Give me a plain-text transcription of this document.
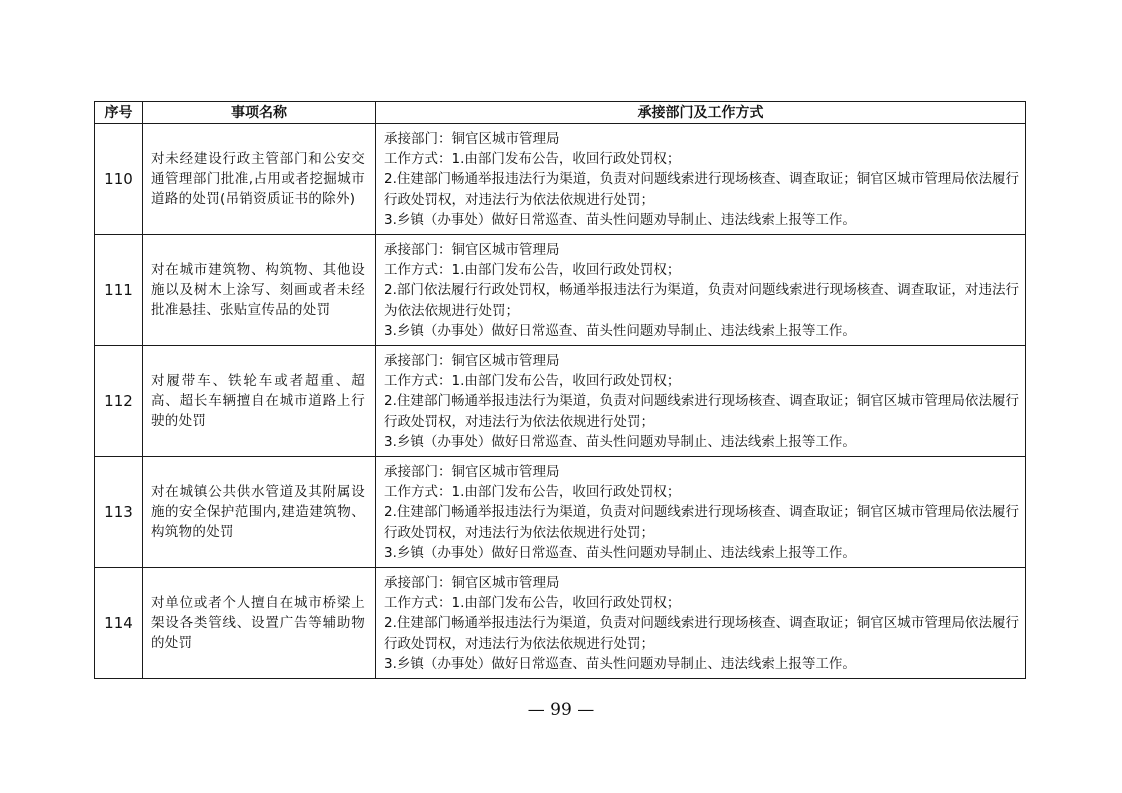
序号	事项名称	承接部门及工作方式
110	对未经建设行政主管部门和公安交通管理部门批准,占用或者挖掘城市道路的处罚(吊销资质证书的除外)	承接部门：铜官区城市管理局

工作方式：1.由部门发布公告，收回行政处罚权；

2.住建部门畅通举报违法行为渠道，负责对问题线索进行现场核查、调查取证；铜官区城市管理局依法履行行政处罚权，对违法行为依法依规进行处罚；

3.乡镇（办事处）做好日常巡查、苗头性问题劝导制止、违法线索上报等工作。

111	对在城市建筑物、构筑物、其他设施以及树木上涂写、刻画或者未经批准悬挂、张贴宣传品的处罚	承接部门：铜官区城市管理局

工作方式：1.由部门发布公告，收回行政处罚权；

2.部门依法履行行政处罚权，畅通举报违法行为渠道，负责对问题线索进行现场核查、调查取证，对违法行为依法依规进行处罚；

3.乡镇（办事处）做好日常巡查、苗头性问题劝导制止、违法线索上报等工作。

112	对履带车、铁轮车或者超重、超高、超长车辆擅自在城市道路上行驶的处罚	承接部门：铜官区城市管理局

工作方式：1.由部门发布公告，收回行政处罚权；

2.住建部门畅通举报违法行为渠道，负责对问题线索进行现场核查、调查取证；铜官区城市管理局依法履行行政处罚权，对违法行为依法依规进行处罚；

3.乡镇（办事处）做好日常巡查、苗头性问题劝导制止、违法线索上报等工作。

113	对在城镇公共供水管道及其附属设施的安全保护范围内,建造建筑物、构筑物的处罚	承接部门：铜官区城市管理局

工作方式：1.由部门发布公告，收回行政处罚权；

2.住建部门畅通举报违法行为渠道，负责对问题线索进行现场核查、调查取证；铜官区城市管理局依法履行行政处罚权，对违法行为依法依规进行处罚；

3.乡镇（办事处）做好日常巡查、苗头性问题劝导制止、违法线索上报等工作。

114	对单位或者个人擅自在城市桥梁上架设各类管线、设置广告等辅助物的处罚	承接部门：铜官区城市管理局

工作方式：1.由部门发布公告，收回行政处罚权；

2.住建部门畅通举报违法行为渠道，负责对问题线索进行现场核查、调查取证；铜官区城市管理局依法履行行政处罚权，对违法行为依法依规进行处罚；

3.乡镇（办事处）做好日常巡查、苗头性问题劝导制止、违法线索上报等工作。

— 99 —
